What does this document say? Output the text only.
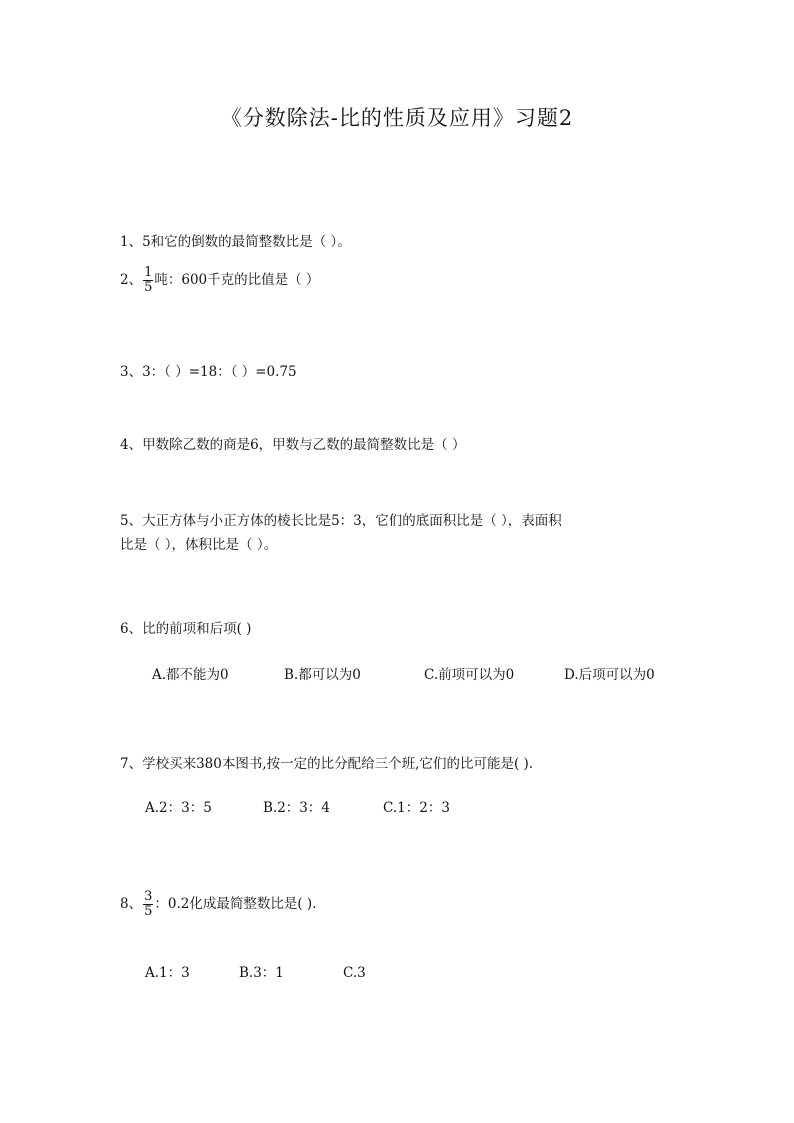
《分数除法-比的性质及应用》习题2
1、5和它的倒数的最简整数比是（ ）。
2、 $\frac{1}{5}$ 吨：600千克的比值是（ ）
3、3：（ ）=18：（ ）=0.75
4、甲数除乙数的商是6，甲数与乙数的最简整数比是（ ）
5、大正方体与小正方体的棱长比是5：3，它们的底面积比是（ ），表面积
比是（ ），体积比是（ ）。
6、比的前项和后项( )
A.都不能为0	B.都可以为0	C.前项可以为0	D.后项可以为0
7、学校买来380本图书,按一定的比分配给三个班,它们的比可能是( ).
A.2：3：5	B.2：3：4	C.1：2：3
8、 $\frac{3}{5}$ ：0.2化成最简整数比是( ).
A.1：3	B.3：1	C.3
